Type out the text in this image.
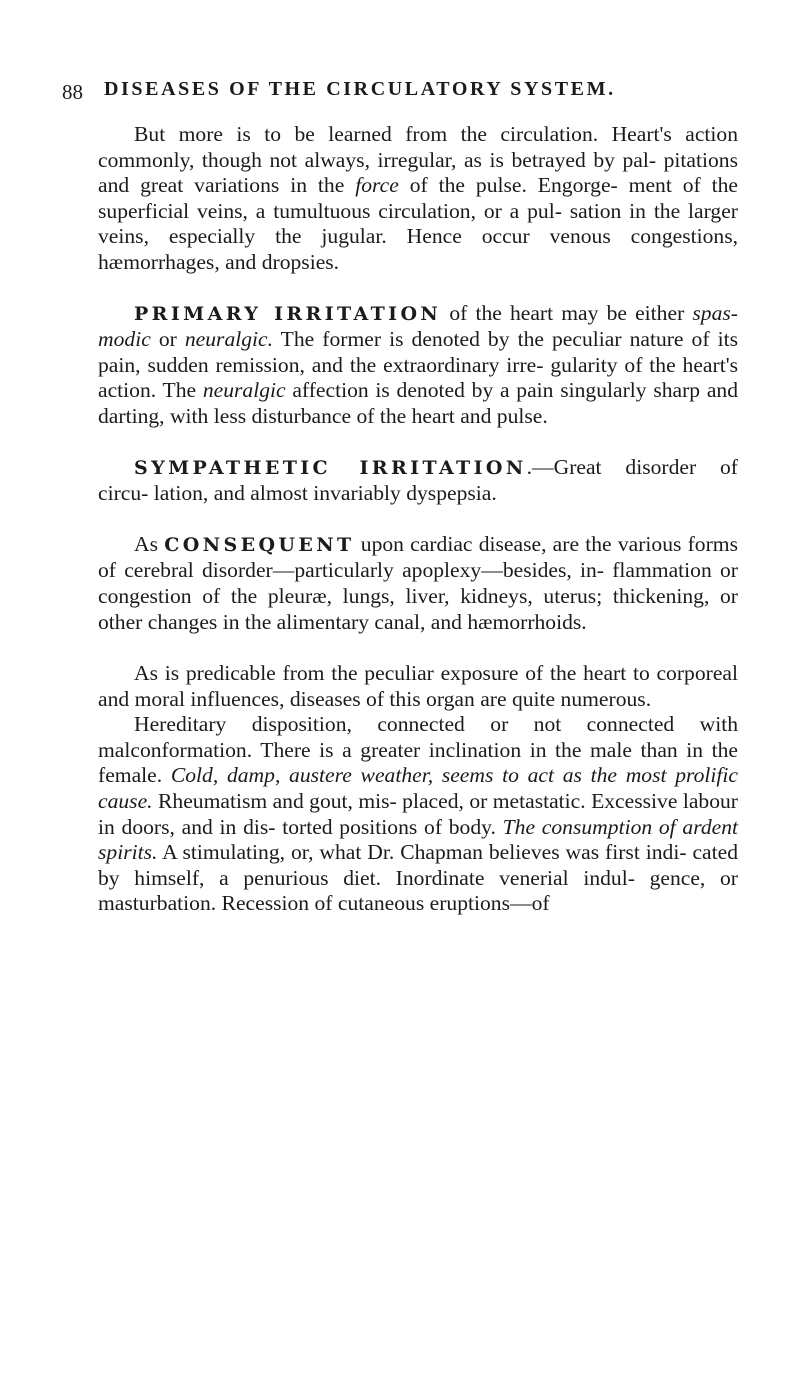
88 DISEASES OF THE CIRCULATORY SYSTEM.

But more is to be learned from the circulation. Heart's action commonly, though not always, irregular, as is betrayed by pal- pitations and great variations in the force of the pulse. Engorge- ment of the superficial veins, a tumultuous circulation, or a pul- sation in the larger veins, especially the jugular. Hence occur venous congestions, hæmorrhages, and dropsies.

PRIMARY IRRITATION of the heart may be either spas- modic or neuralgic. The former is denoted by the peculiar nature of its pain, sudden remission, and the extraordinary irre- gularity of the heart's action. The neuralgic affection is denoted by a pain singularly sharp and darting, with less disturbance of the heart and pulse.

SYMPATHETIC IRRITATION.—Great disorder of circu- lation, and almost invariably dyspepsia.

As CONSEQUENT upon cardiac disease, are the various forms of cerebral disorder—particularly apoplexy—besides, in- flammation or congestion of the pleuræ, lungs, liver, kidneys, uterus; thickening, or other changes in the alimentary canal, and hæmorrhoids.

As is predicable from the peculiar exposure of the heart to corporeal and moral influences, diseases of this organ are quite numerous.

Hereditary disposition, connected or not connected with malconformation. There is a greater inclination in the male than in the female. Cold, damp, austere weather, seems to act as the most prolific cause. Rheumatism and gout, mis- placed, or metastatic. Excessive labour in doors, and in dis- torted positions of body. The consumption of ardent spirits. A stimulating, or, what Dr. Chapman believes was first indi- cated by himself, a penurious diet. Inordinate venerial indul- gence, or masturbation. Recession of cutaneous eruptions—of
